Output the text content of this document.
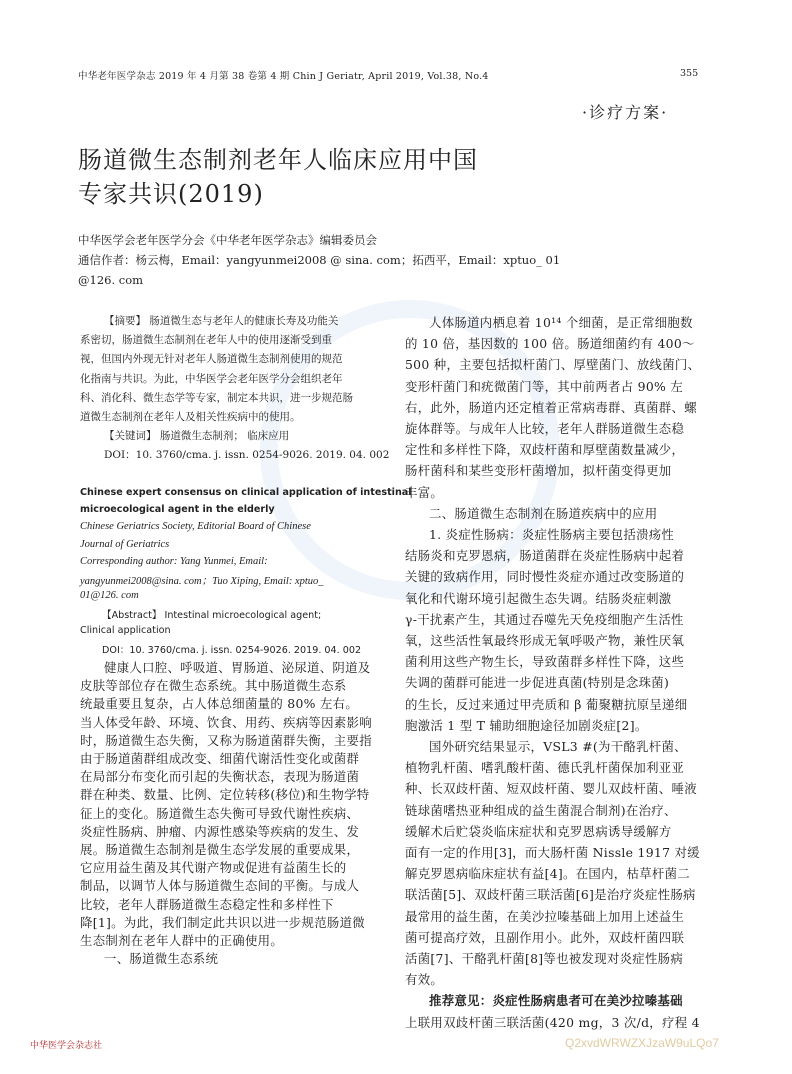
中华老年医学杂志 2019 年 4 月第 38 卷第 4 期 Chin J Geriatr, April 2019, Vol.38, No.4	355
·诊疗方案·
肠道微生态制剂老年人临床应用中国
专家共识(2019)
中华医学会老年医学分会《中华老年医学杂志》编辑委员会
通信作者：杨云梅，Email：yangyunmei2008 @ sina. com；拓西平，Email：xptuo_ 01
@126. com
【摘要】 肠道微生态与老年人的健康长寿及功能关
系密切，肠道微生态制剂在老年人中的使用逐渐受到重
视，但国内外现无针对老年人肠道微生态制剂使用的规范
化指南与共识。为此，中华医学会老年医学分会组织老年
科、消化科、微生态学等专家，制定本共识，进一步规范肠
道微生态制剂在老年人及相关性疾病中的使用。
【关键词】 肠道微生态制剂； 临床应用
DOI：10. 3760/cma. j. issn. 0254-9026. 2019. 04. 002
Chinese expert consensus on clinical application of intestinal
microecological agent in the elderly
Chinese Geriatrics Society, Editorial Board of Chinese
Journal of Geriatrics
Corresponding author: Yang Yunmei, Email:
yangyunmei2008@sina. com；Tuo Xiping, Email: xptuo_
01@126. com
【Abstract】 Intestinal microecological agent;
Clinical application
DOI：10. 3760/cma. j. issn. 0254-9026. 2019. 04. 002
健康人口腔、呼吸道、胃肠道、泌尿道、阴道及
皮肤等部位存在微生态系统。其中肠道微生态系
统最重要且复杂，占人体总细菌量的 80% 左右。
当人体受年龄、环境、饮食、用药、疾病等因素影响
时，肠道微生态失衡，又称为肠道菌群失衡，主要指
由于肠道菌群组成改变、细菌代谢活性变化或菌群
在局部分布变化而引起的失衡状态，表现为肠道菌
群在种类、数量、比例、定位转移(移位)和生物学特
征上的变化。肠道微生态失衡可导致代谢性疾病、
炎症性肠病、肿瘤、内源性感染等疾病的发生、发
展。肠道微生态制剂是微生态学发展的重要成果，
它应用益生菌及其代谢产物或促进有益菌生长的
制品，以调节人体与肠道微生态间的平衡。与成人
比较，老年人群肠道微生态稳定性和多样性下
降[1]。为此，我们制定此共识以进一步规范肠道微
生态制剂在老年人群中的正确使用。
一、肠道微生态系统
人体肠道内栖息着 10¹⁴ 个细菌，是正常细胞数
的 10 倍，基因数的 100 倍。肠道细菌约有 400～
500 种，主要包括拟杆菌门、厚壁菌门、放线菌门、
变形杆菌门和疣微菌门等，其中前两者占 90% 左
右，此外，肠道内还定植着正常病毒群、真菌群、螺
旋体群等。与成年人比较，老年人群肠道微生态稳
定性和多样性下降，双歧杆菌和厚壁菌数量减少，
肠杆菌科和某些变形杆菌增加，拟杆菌变得更加
丰富。
二、肠道微生态制剂在肠道疾病中的应用
1. 炎症性肠病：炎症性肠病主要包括溃疡性
结肠炎和克罗恩病，肠道菌群在炎症性肠病中起着
关键的致病作用，同时慢性炎症亦通过改变肠道的
氧化和代谢环境引起微生态失调。结肠炎症刺激
γ-干扰素产生，其通过吞噬先天免疫细胞产生活性
氧，这些活性氧最终形成无氧呼吸产物，兼性厌氧
菌利用这些产物生长，导致菌群多样性下降，这些
失调的菌群可能进一步促进真菌(特别是念珠菌)
的生长，反过来通过甲壳质和 β 葡聚糖抗原呈递细
胞激活 1 型 T 辅助细胞途径加剧炎症[2]。
国外研究结果显示，VSL3 #(为干酪乳杆菌、
植物乳杆菌、嗜乳酸杆菌、德氏乳杆菌保加利亚亚
种、长双歧杆菌、短双歧杆菌、婴儿双歧杆菌、唾液
链球菌嗜热亚种组成的益生菌混合制剂)在治疗、
缓解术后贮袋炎临床症状和克罗恩病诱导缓解方
面有一定的作用[3]，而大肠杆菌 Nissle 1917 对缓
解克罗恩病临床症状有益[4]。在国内，枯草杆菌二
联活菌[5]、双歧杆菌三联活菌[6]是治疗炎症性肠病
最常用的益生菌，在美沙拉嗪基础上加用上述益生
菌可提高疗效，且副作用小。此外，双歧杆菌四联
活菌[7]、干酪乳杆菌[8]等也被发现对炎症性肠病
有效。
推荐意见：炎症性肠病患者可在美沙拉嗪基础
上联用双歧杆菌三联活菌(420 mg，3 次/d，疗程 4
中华医学会杂志社	Q2xvdWRWZXJzaW9uLQo7
